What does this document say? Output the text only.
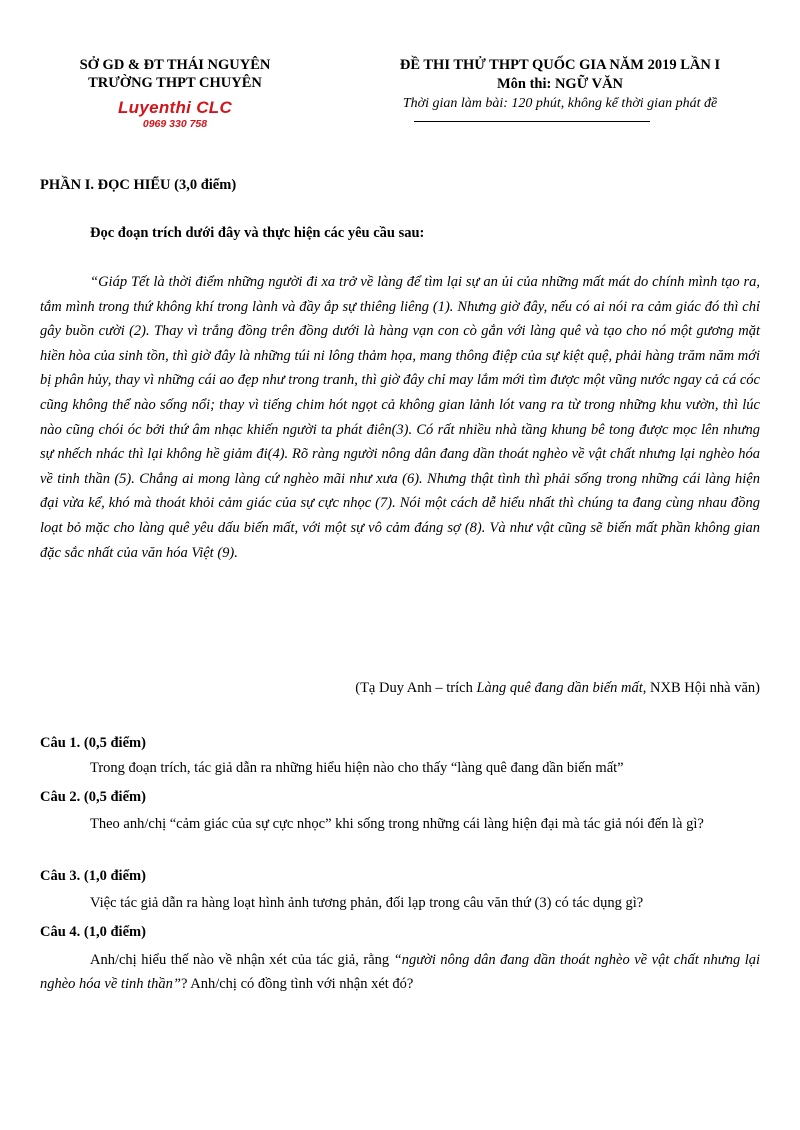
SỞ GD & ĐT THÁI NGUYÊN
TRƯỜNG THPT CHUYÊN
Luyenthi CLC
0969 330 758
ĐỀ THI THỬ THPT QUỐC GIA NĂM 2019 LẦN I
Môn thi: NGỮ VĂN
Thời gian làm bài: 120 phút, không kể thời gian phát đề
PHẦN I. ĐỌC HIỂU (3,0 điểm)
Đọc đoạn trích dưới đây và thực hiện các yêu cầu sau:
“Giáp Tết là thời điểm những người đi xa trở về làng để tìm lại sự an ủi của những mất mát do chính mình tạo ra, tắm mình trong thứ không khí trong lành và đầy ắp sự thiêng liêng (1). Nhưng giờ đây, nếu có ai nói ra cảm giác đó thì chỉ gây buồn cười (2). Thay vì trắng đồng trên đồng dưới là hàng vạn con cò gắn với làng quê và tạo cho nó một gương mặt hiền hòa của sinh tồn, thì giờ đây là những túi ni lông thảm họa, mang thông điệp của sự kiệt quệ, phải hàng trăm năm mới bị phân hủy, thay vì những cái ao đẹp như trong tranh, thì giờ đây chỉ may lắm mới tìm được một vũng nước ngay cả cá cóc cũng không thể nào sống nổi; thay vì tiếng chim hót ngọt cả không gian lảnh lót vang ra từ trong những khu vườn, thì lúc nào cũng chói óc bởi thứ âm nhạc khiến người ta phát điên(3). Có rất nhiều nhà tầng khung bê tong được mọc lên nhưng sự nhếch nhác thì lại không hề giảm đi(4). Rõ ràng người nông dân đang dần thoát nghèo về vật chất nhưng lại nghèo hóa về tinh thần (5). Chẳng ai mong làng cứ nghèo mãi như xưa (6). Nhưng thật tình thì phải sống trong những cái làng hiện đại vừa kể, khó mà thoát khỏi cảm giác của sự cực nhọc (7). Nói một cách dễ hiểu nhất thì chúng ta đang cùng nhau đồng loạt bỏ mặc cho làng quê yêu dấu biến mất, với một sự vô cảm đáng sợ (8). Và như vật cũng sẽ biến mất phần không gian đặc sắc nhất của văn hóa Việt (9).
(Tạ Duy Anh – trích Làng quê đang dần biến mất, NXB Hội nhà văn)
Câu 1. (0,5 điểm)
Trong đoạn trích, tác giả dẫn ra những hiểu hiện nào cho thấy “làng quê đang dần biến mất”
Câu 2. (0,5 điểm)
Theo anh/chị “cảm giác của sự cực nhọc” khi sống trong những cái làng hiện đại mà tác giả nói đến là gì?
Câu 3. (1,0 điểm)
Việc tác giả dẫn ra hàng loạt hình ảnh tương phản, đối lạp trong câu văn thứ (3) có tác dụng gì?
Câu 4. (1,0 điểm)
Anh/chị hiểu thế nào về nhận xét của tác giả, rằng “người nông dân đang dần thoát nghèo về vật chất nhưng lại nghèo hóa về tinh thần”? Anh/chị có đồng tình với nhận xét đó?
